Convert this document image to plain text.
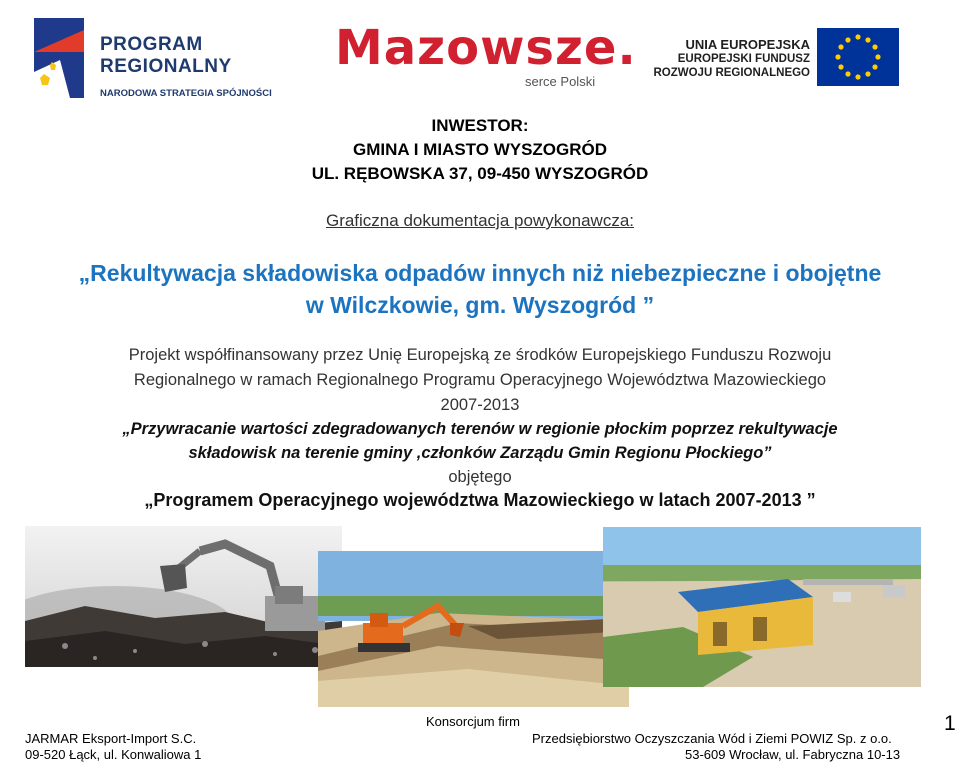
PROGRAM
REGIONALNY
NARODOWA STRATEGIA SPÓJNOŚCI
Mazowsze.
serce Polski
UNIA EUROPEJSKA
EUROPEJSKI FUNDUSZ
ROZWOJU REGIONALNEGO
INWESTOR:
GMINA I MIASTO WYSZOGRÓD
UL. RĘBOWSKA 37, 09-450 WYSZOGRÓD
Graficzna dokumentacja powykonawcza:
„Rekultywacja składowiska odpadów innych niż niebezpieczne i obojętne
w Wilczkowie, gm. Wyszogród ”
Projekt współfinansowany przez Unię Europejską ze środków Europejskiego Funduszu Rozwoju
Regionalnego w ramach Regionalnego Programu Operacyjnego Województwa Mazowieckiego
2007-2013
„Przywracanie wartości zdegradowanych terenów w regionie płockim poprzez rekultywacje
składowisk na terenie gminy ,członków Zarządu Gmin Regionu Płockiego”
objętego
„Programem Operacyjnego województwa Mazowieckiego w latach 2007-2013 ”
Konsorcjum firm
JARMAR Eksport-Import S.C.
09-520 Łąck, ul. Konwaliowa 1
Przedsiębiorstwo Oczyszczania Wód i Ziemi POWIZ Sp. z o.o.
53-609 Wrocław, ul. Fabryczna 10-13
1
